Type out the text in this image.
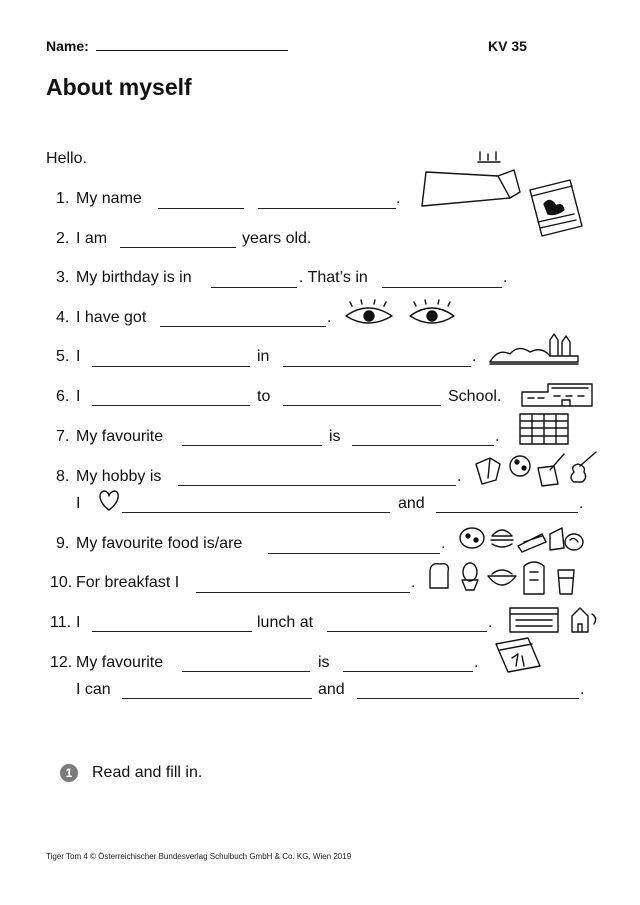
Name:	KV 35
About myself
Hello.
1. My name	.
2. I am	years old.
3. My birthday is in	. That’s in	.
4. I have got	.
5. I	in	.
6. I	to	School.
7. My favourite	is	.
8. My hobby is	.
I	and	.
9. My favourite food is/are	.
10. For breakfast I	.
11. I	lunch at	.
12. My favourite	is	.
I can	and	.
1	Read and fill in.
Tiger Tom 4 © Österreichischer Bundesverlag Schulbuch GmbH & Co. KG, Wien 2019
